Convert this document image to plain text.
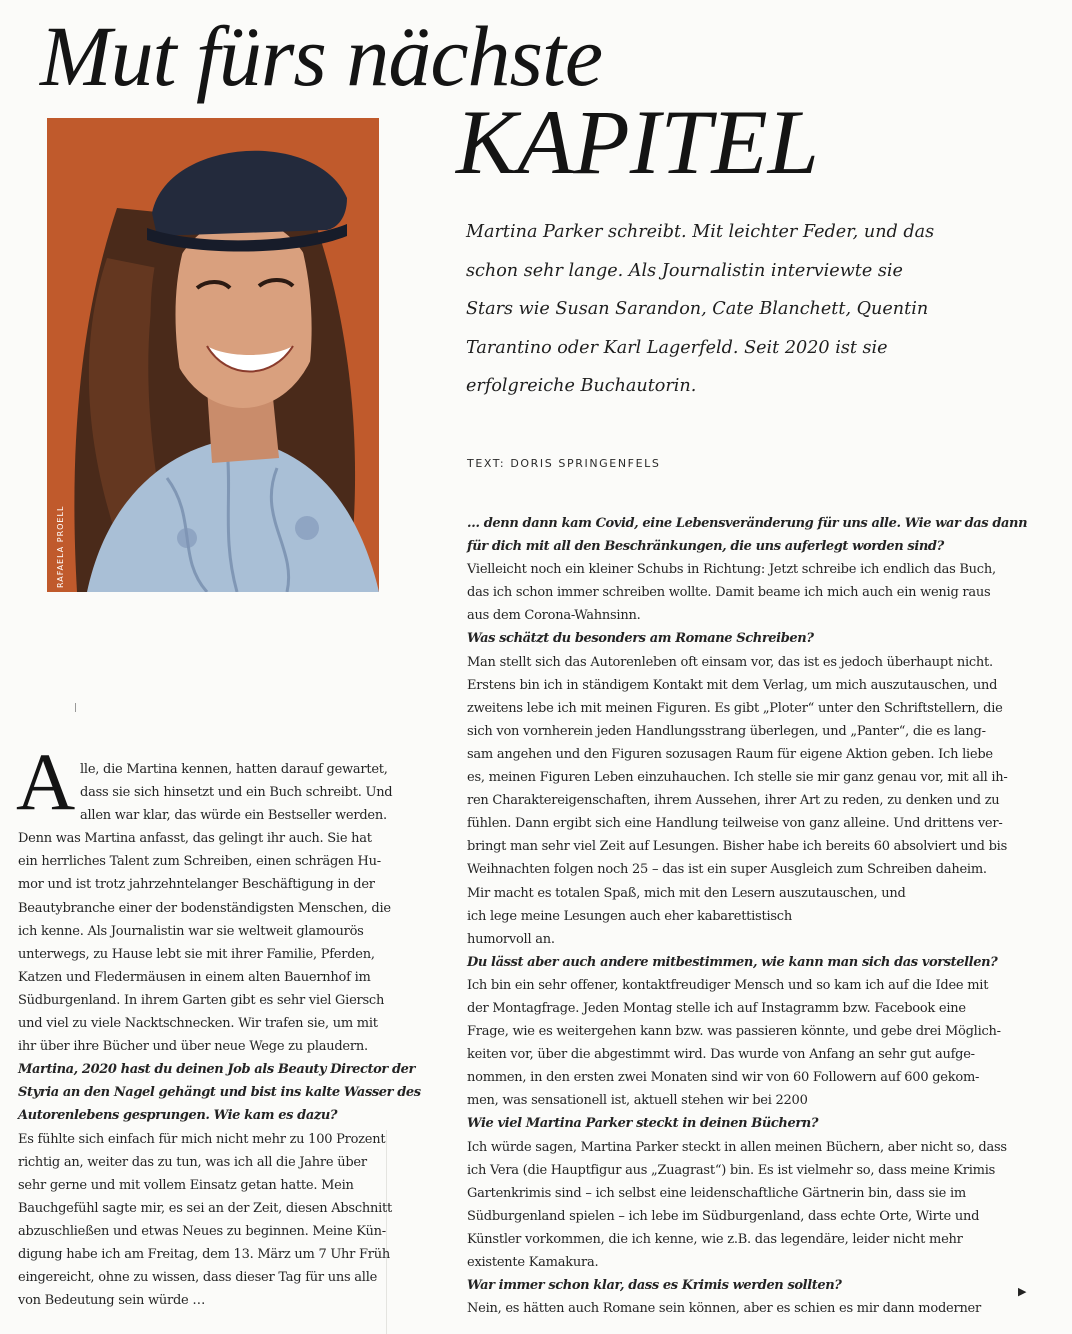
Mut fürs nächste
KAPITEL
RAFAELA PROELL

Martina Parker schreibt. Mit leichter Feder, und das schon sehr lange. Als Journalistin interviewte sie Stars wie Susan Sarandon, Cate Blanchett, Quentin Tarantino oder Karl Lagerfeld. Seit 2020 ist sie erfolgreiche Buchautorin.

TEXT: DORIS SPRINGENFELS
A lle, die Martina kennen, hatten darauf gewartet,
dass sie sich hinsetzt und ein Buch schreibt. Und
allen war klar, das würde ein Bestseller werden.
Denn was Martina anfasst, das gelingt ihr auch. Sie hat
ein herrliches Talent zum Schreiben, einen schrägen Hu-
mor und ist trotz jahrzehntelanger Beschäftigung in der
Beautybranche einer der bodenständigsten Menschen, die
ich kenne. Als Journalistin war sie weltweit glamourös
unterwegs, zu Hause lebt sie mit ihrer Familie, Pferden,
Katzen und Fledermäusen in einem alten Bauernhof im
Südburgenland. In ihrem Garten gibt es sehr viel Giersch
und viel zu viele Nacktschnecken. Wir trafen sie, um mit
ihr über ihre Bücher und über neue Wege zu plaudern.
Martina, 2020 hast du deinen Job als Beauty Director der
Styria an den Nagel gehängt und bist ins kalte Wasser des
Autorenlebens gesprungen. Wie kam es dazu?
Es fühlte sich einfach für mich nicht mehr zu 100 Prozent
richtig an, weiter das zu tun, was ich all die Jahre über
sehr gerne und mit vollem Einsatz getan hatte. Mein
Bauchgefühl sagte mir, es sei an der Zeit, diesen Abschnitt
abzuschließen und etwas Neues zu beginnen. Meine Kün-
digung habe ich am Freitag, dem 13. März um 7 Uhr Früh
eingereicht, ohne zu wissen, dass dieser Tag für uns alle
von Bedeutung sein würde …
… denn dann kam Covid, eine Lebensveränderung für uns alle. Wie war das dann
für dich mit all den Beschränkungen, die uns auferlegt worden sind?
Vielleicht noch ein kleiner Schubs in Richtung: Jetzt schreibe ich endlich das Buch,
das ich schon immer schreiben wollte. Damit beame ich mich auch ein wenig raus
aus dem Corona-Wahnsinn.
Was schätzt du besonders am Romane Schreiben?
Man stellt sich das Autorenleben oft einsam vor, das ist es jedoch überhaupt nicht.
Erstens bin ich in ständigem Kontakt mit dem Verlag, um mich auszutauschen, und
zweitens lebe ich mit meinen Figuren. Es gibt „Ploter“ unter den Schriftstellern, die
sich von vornherein jeden Handlungsstrang überlegen, und „Panter“, die es lang-
sam angehen und den Figuren sozusagen Raum für eigene Aktion geben. Ich liebe
es, meinen Figuren Leben einzuhauchen. Ich stelle sie mir ganz genau vor, mit all ih-
ren Charaktereigenschaften, ihrem Aussehen, ihrer Art zu reden, zu denken und zu
fühlen. Dann ergibt sich eine Handlung teilweise von ganz alleine. Und drittens ver-
bringt man sehr viel Zeit auf Lesungen. Bisher habe ich bereits 60 absolviert und bis
Weihnachten folgen noch 25 – das ist ein super Ausgleich zum Schreiben daheim.
Mir macht es totalen Spaß, mich mit den Lesern auszutauschen, und
ich lege meine Lesungen auch eher kabarettistisch
humorvoll an.
Du lässt aber auch andere mitbestimmen, wie kann man sich das vorstellen?
Ich bin ein sehr offener, kontaktfreudiger Mensch und so kam ich auf die Idee mit
der Montagfrage. Jeden Montag stelle ich auf Instagramm bzw. Facebook eine
Frage, wie es weitergehen kann bzw. was passieren könnte, und gebe drei Möglich-
keiten vor, über die abgestimmt wird. Das wurde von Anfang an sehr gut aufge-
nommen, in den ersten zwei Monaten sind wir von 60 Followern auf 600 gekom-
men, was sensationell ist, aktuell stehen wir bei 2200
Wie viel Martina Parker steckt in deinen Büchern?
Ich würde sagen, Martina Parker steckt in allen meinen Büchern, aber nicht so, dass
ich Vera (die Hauptfigur aus „Zuagrast“) bin. Es ist vielmehr so, dass meine Krimis
Gartenkrimis sind – ich selbst eine leidenschaftliche Gärtnerin bin, dass sie im
Südburgenland spielen – ich lebe im Südburgenland, dass echte Orte, Wirte und
Künstler vorkommen, die ich kenne, wie z.B. das legendäre, leider nicht mehr
existente Kamakura.
War immer schon klar, dass es Krimis werden sollten?
Nein, es hätten auch Romane sein können, aber es schien es mir dann moderner
▶
